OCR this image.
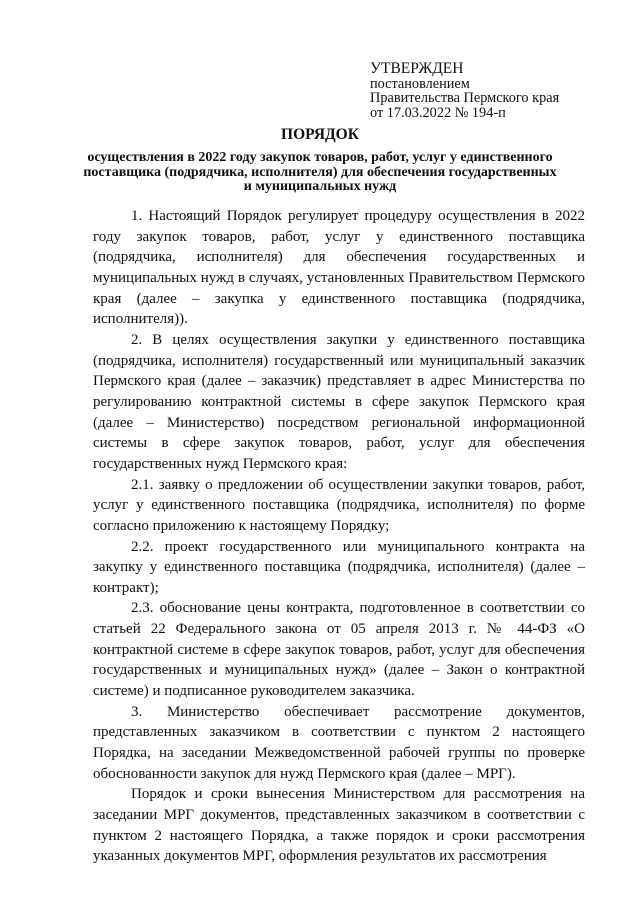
УТВЕРЖДЕН
постановлением
Правительства Пермского края
от 17.03.2022 № 194-п
ПОРЯДОК
осуществления в 2022 году закупок товаров, работ, услуг у единственного поставщика (подрядчика, исполнителя) для обеспечения государственных и муниципальных нужд

1. Настоящий Порядок регулирует процедуру осуществления в 2022 году закупок товаров, работ, услуг у единственного поставщика (подрядчика, исполнителя) для обеспечения государственных и муниципальных нужд в случаях, установленных Правительством Пермского края (далее – закупка у единственного поставщика (подрядчика, исполнителя)).

2. В целях осуществления закупки у единственного поставщика (подрядчика, исполнителя) государственный или муниципальный заказчик Пермского края (далее – заказчик) представляет в адрес Министерства по регулированию контрактной системы в сфере закупок Пермского края (далее – Министерство) посредством региональной информационной системы в сфере закупок товаров, работ, услуг для обеспечения государственных нужд Пермского края:

2.1. заявку о предложении об осуществлении закупки товаров, работ, услуг у единственного поставщика (подрядчика, исполнителя) по форме согласно приложению к настоящему Порядку;

2.2. проект государственного или муниципального контракта на закупку у единственного поставщика (подрядчика, исполнителя) (далее – контракт);

2.3. обоснование цены контракта, подготовленное в соответствии со статьей 22 Федерального закона от 05 апреля 2013 г. № 44-ФЗ «О контрактной системе в сфере закупок товаров, работ, услуг для обеспечения государственных и муниципальных нужд» (далее – Закон о контрактной системе) и подписанное руководителем заказчика.

3. Министерство обеспечивает рассмотрение документов, представленных заказчиком в соответствии с пунктом 2 настоящего Порядка, на заседании Межведомственной рабочей группы по проверке обоснованности закупок для нужд Пермского края (далее – МРГ).

Порядок и сроки вынесения Министерством для рассмотрения на заседании МРГ документов, представленных заказчиком в соответствии с пунктом 2 настоящего Порядка, а также порядок и сроки рассмотрения указанных документов МРГ, оформления результатов их рассмотрения
